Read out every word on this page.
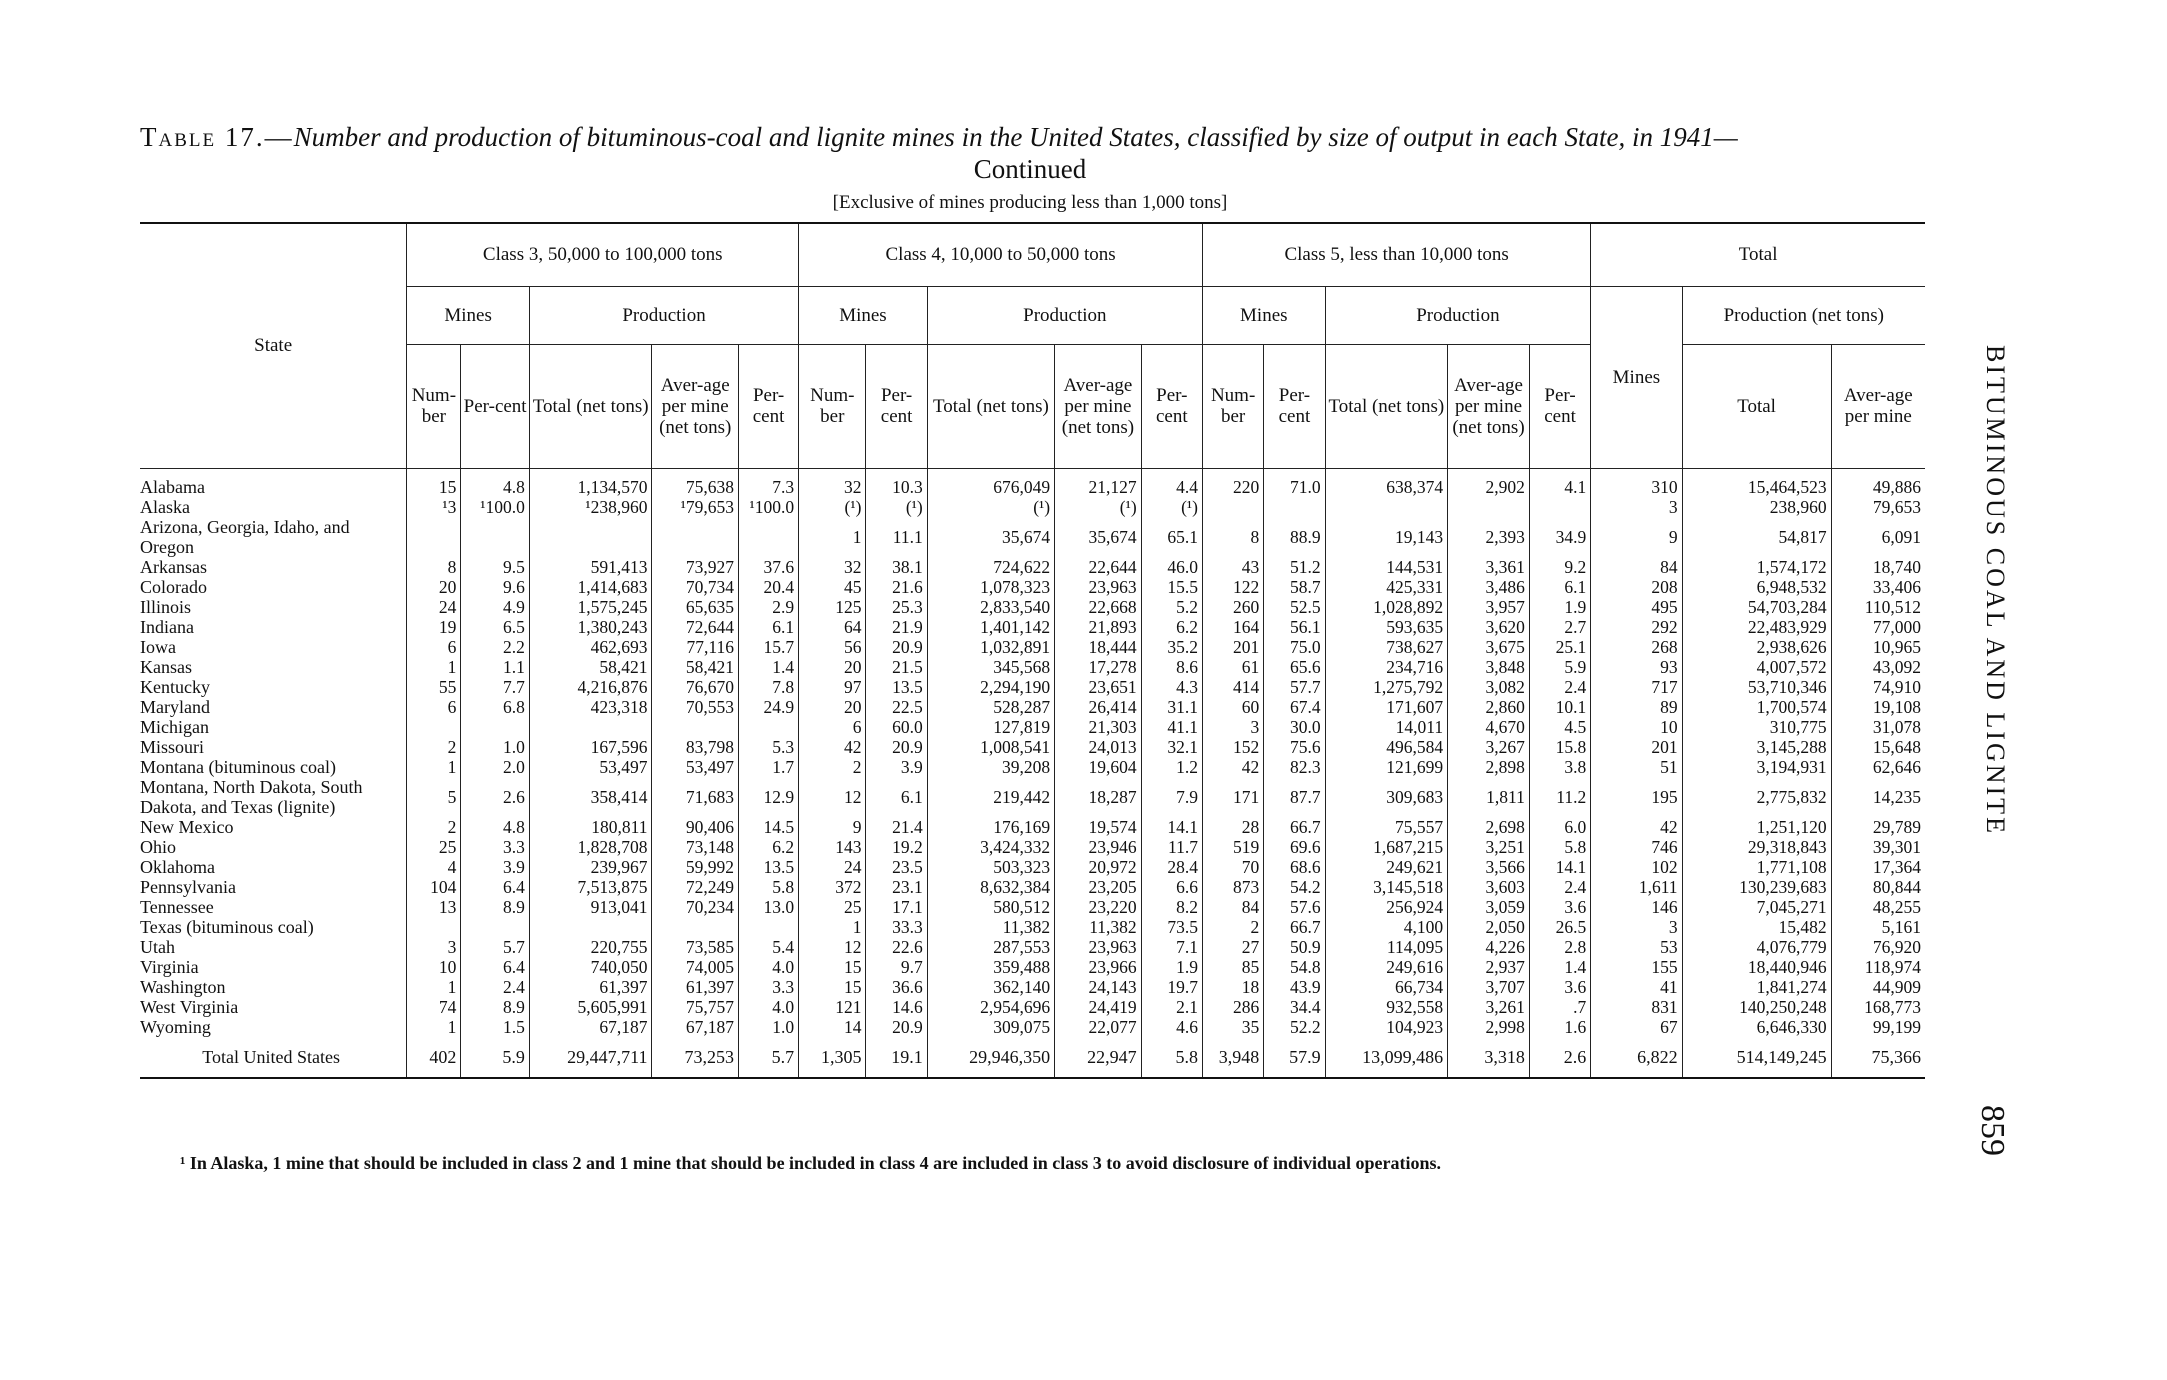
Table 17.—Number and production of bituminous-coal and lignite mines in the United States, classified by size of output in each State, in 1941—
Continued
[Exclusive of mines producing less than 1,000 tons]
State	Class 3, 50,000 to 100,000 tons					Class 4, 10,000 to 50,000 tons					Class 5, less than 10,000 tons					Total		
	Mines		Production			Mines		Production			Mines		Production			Mines	Production (net tons)	
	Num-ber	Per-cent	Total (net tons)	Aver-age per mine (net tons)	Per-cent	Num-ber	Per-cent	Total (net tons)	Aver-age per mine (net tons)	Per-cent	Num-ber	Per-cent	Total (net tons)	Aver-age per mine (net tons)	Per-cent		Total	Aver-age per mine
Alabama	15	4.8	1,134,570	75,638	7.3	32	10.3	676,049	21,127	4.4	220	71.0	638,374	2,902	4.1	310	15,464,523	49,886
Alaska	¹3	¹100.0	¹238,960	¹79,653	¹100.0	(¹)	(¹)	(¹)	(¹)	(¹)						3	238,960	79,653
Arizona, Georgia, Idaho, and Oregon						1	11.1	35,674	35,674	65.1	8	88.9	19,143	2,393	34.9	9	54,817	6,091
Arkansas	8	9.5	591,413	73,927	37.6	32	38.1	724,622	22,644	46.0	43	51.2	144,531	3,361	9.2	84	1,574,172	18,740
Colorado	20	9.6	1,414,683	70,734	20.4	45	21.6	1,078,323	23,963	15.5	122	58.7	425,331	3,486	6.1	208	6,948,532	33,406
Illinois	24	4.9	1,575,245	65,635	2.9	125	25.3	2,833,540	22,668	5.2	260	52.5	1,028,892	3,957	1.9	495	54,703,284	110,512
Indiana	19	6.5	1,380,243	72,644	6.1	64	21.9	1,401,142	21,893	6.2	164	56.1	593,635	3,620	2.7	292	22,483,929	77,000
Iowa	6	2.2	462,693	77,116	15.7	56	20.9	1,032,891	18,444	35.2	201	75.0	738,627	3,675	25.1	268	2,938,626	10,965
Kansas	1	1.1	58,421	58,421	1.4	20	21.5	345,568	17,278	8.6	61	65.6	234,716	3,848	5.9	93	4,007,572	43,092
Kentucky	55	7.7	4,216,876	76,670	7.8	97	13.5	2,294,190	23,651	4.3	414	57.7	1,275,792	3,082	2.4	717	53,710,346	74,910
Maryland	6	6.8	423,318	70,553	24.9	20	22.5	528,287	26,414	31.1	60	67.4	171,607	2,860	10.1	89	1,700,574	19,108
Michigan						6	60.0	127,819	21,303	41.1	3	30.0	14,011	4,670	4.5	10	310,775	31,078
Missouri	2	1.0	167,596	83,798	5.3	42	20.9	1,008,541	24,013	32.1	152	75.6	496,584	3,267	15.8	201	3,145,288	15,648
Montana (bituminous coal)	1	2.0	53,497	53,497	1.7	2	3.9	39,208	19,604	1.2	42	82.3	121,699	2,898	3.8	51	3,194,931	62,646
Montana, North Dakota, South Dakota, and Texas (lignite)	5	2.6	358,414	71,683	12.9	12	6.1	219,442	18,287	7.9	171	87.7	309,683	1,811	11.2	195	2,775,832	14,235
New Mexico	2	4.8	180,811	90,406	14.5	9	21.4	176,169	19,574	14.1	28	66.7	75,557	2,698	6.0	42	1,251,120	29,789
Ohio	25	3.3	1,828,708	73,148	6.2	143	19.2	3,424,332	23,946	11.7	519	69.6	1,687,215	3,251	5.8	746	29,318,843	39,301
Oklahoma	4	3.9	239,967	59,992	13.5	24	23.5	503,323	20,972	28.4	70	68.6	249,621	3,566	14.1	102	1,771,108	17,364
Pennsylvania	104	6.4	7,513,875	72,249	5.8	372	23.1	8,632,384	23,205	6.6	873	54.2	3,145,518	3,603	2.4	1,611	130,239,683	80,844
Tennessee	13	8.9	913,041	70,234	13.0	25	17.1	580,512	23,220	8.2	84	57.6	256,924	3,059	3.6	146	7,045,271	48,255
Texas (bituminous coal)						1	33.3	11,382	11,382	73.5	2	66.7	4,100	2,050	26.5	3	15,482	5,161
Utah	3	5.7	220,755	73,585	5.4	12	22.6	287,553	23,963	7.1	27	50.9	114,095	4,226	2.8	53	4,076,779	76,920
Virginia	10	6.4	740,050	74,005	4.0	15	9.7	359,488	23,966	1.9	85	54.8	249,616	2,937	1.4	155	18,440,946	118,974
Washington	1	2.4	61,397	61,397	3.3	15	36.6	362,140	24,143	19.7	18	43.9	66,734	3,707	3.6	41	1,841,274	44,909
West Virginia	74	8.9	5,605,991	75,757	4.0	121	14.6	2,954,696	24,419	2.1	286	34.4	932,558	3,261	.7	831	140,250,248	168,773
Wyoming	1	1.5	67,187	67,187	1.0	14	20.9	309,075	22,077	4.6	35	52.2	104,923	2,998	1.6	67	6,646,330	99,199
Total United States	402	5.9	29,447,711	73,253	5.7	1,305	19.1	29,946,350	22,947	5.8	3,948	57.9	13,099,486	3,318	2.6	6,822	514,149,245	75,366
¹ In Alaska, 1 mine that should be included in class 2 and 1 mine that should be included in class 4 are included in class 3 to avoid disclosure of individual operations.
BITUMINOUS COAL AND LIGNITE
859
